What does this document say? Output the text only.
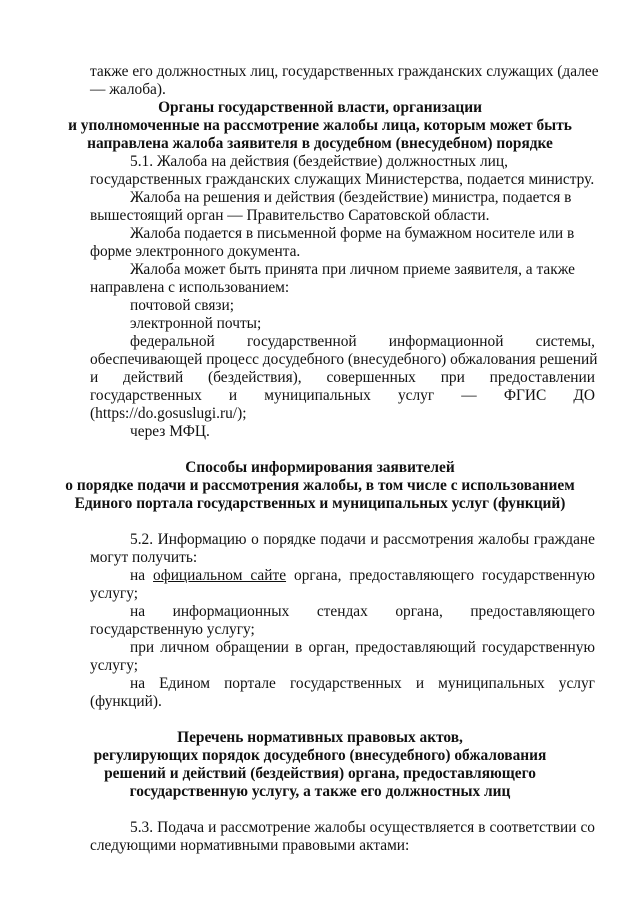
также его должностных лиц, государственных гражданских служащих (далее
— жалоба).
Органы государственной власти, организации
и уполномоченные на рассмотрение жалобы лица, которым может быть
направлена жалоба заявителя в досудебном (внесудебном) порядке
5.1. Жалоба на действия (бездействие) должностных лиц,
государственных гражданских служащих Министерства, подается министру.
Жалоба на решения и действия (бездействие) министра, подается в
вышестоящий орган — Правительство Саратовской области.
Жалоба подается в письменной форме на бумажном носителе или в
форме электронного документа.
Жалоба может быть принята при личном приеме заявителя, а также
направлена с использованием:
почтовой связи;
электронной почты;
федеральной государственной информационной системы,
обеспечивающей процесс досудебного (внесудебного) обжалования решений
и действий (бездействия), совершенных при предоставлении
государственных и муниципальных услуг — ФГИС ДО
(https://do.gosuslugi.ru/);
через МФЦ.
Способы информирования заявителей
о порядке подачи и рассмотрения жалобы, в том числе с использованием
Единого портала государственных и муниципальных услуг (функций)
5.2. Информацию о порядке подачи и рассмотрения жалобы граждане
могут получить:
на официальном сайте органа, предоставляющего государственную
услугу;
на информационных стендах органа, предоставляющего
государственную услугу;
при личном обращении в орган, предоставляющий государственную
услугу;
на Едином портале государственных и муниципальных услуг
(функций).
Перечень нормативных правовых актов,
регулирующих порядок досудебного (внесудебного) обжалования
решений и действий (бездействия) органа, предоставляющего
государственную услугу, а также его должностных лиц
5.3. Подача и рассмотрение жалобы осуществляется в соответствии со
следующими нормативными правовыми актами:
